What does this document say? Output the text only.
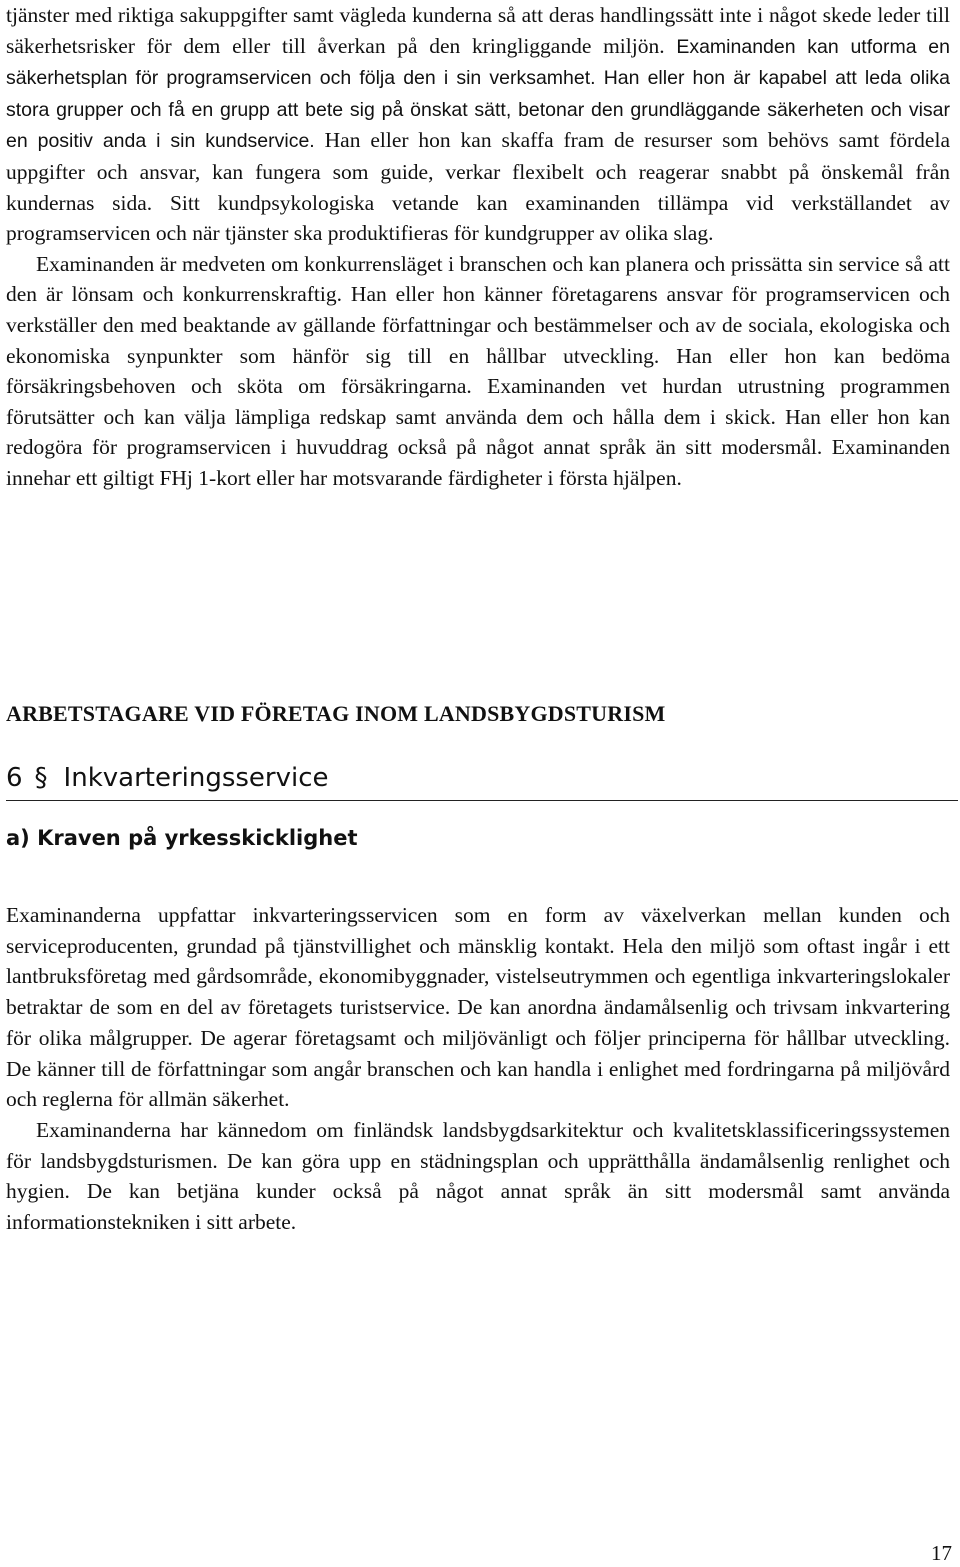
tjänster med riktiga sakuppgifter samt vägleda kunderna så att deras handlingssätt inte i något skede leder till säkerhetsrisker för dem eller till åverkan på den kringliggande miljön. Examinanden kan utforma en säkerhetsplan för programservicen och följa den i sin verksamhet. Han eller hon är kapabel att leda olika stora grupper och få en grupp att bete sig på önskat sätt, betonar den grundläggande säkerheten och visar en positiv anda i sin kundservice. Han eller hon kan skaffa fram de resurser som behövs samt fördela uppgifter och ansvar, kan fungera som guide, verkar flexibelt och reagerar snabbt på önskemål från kundernas sida. Sitt kundpsykologiska vetande kan examinanden tillämpa vid verkställandet av programservicen och när tjänster ska produktifieras för kundgrupper av olika slag.

Examinanden är medveten om konkurrensläget i branschen och kan planera och prissätta sin service så att den är lönsam och konkurrenskraftig. Han eller hon känner företagarens ansvar för programservicen och verkställer den med beaktande av gällande författningar och bestämmelser och av de sociala, ekologiska och ekonomiska synpunkter som hänför sig till en hållbar utveckling. Han eller hon kan bedöma försäkringsbehoven och sköta om försäkringarna. Examinanden vet hurdan utrustning programmen förutsätter och kan välja lämpliga redskap samt använda dem och hålla dem i skick. Han eller hon kan redogöra för programservicen i huvuddrag också på något annat språk än sitt modersmål. Examinanden innehar ett giltigt FHj 1-kort eller har motsvarande färdigheter i första hjälpen.

ARBETSTAGARE VID FÖRETAG INOM LANDSBYGDSTURISM
6 § Inkvarteringsservice
a) Kraven på yrkesskicklighet

Examinanderna uppfattar inkvarteringsservicen som en form av växelverkan mellan kunden och serviceproducenten, grundad på tjänstvillighet och mänsklig kontakt. Hela den miljö som oftast ingår i ett lantbruksföretag med gårdsområde, ekonomibyggnader, vistelseutrymmen och egentliga inkvarteringslokaler betraktar de som en del av företagets turistservice. De kan anordna ändamålsenlig och trivsam inkvartering för olika målgrupper. De agerar företagsamt och miljövänligt och följer principerna för hållbar utveckling. De känner till de författningar som angår branschen och kan handla i enlighet med fordringarna på miljövård och reglerna för allmän säkerhet.

Examinanderna har kännedom om finländsk landsbygdsarkitektur och kvalitetsklassificeringssystemen för landsbygdsturismen. De kan göra upp en städningsplan och upprätthålla ändamålsenlig renlighet och hygien. De kan betjäna kunder också på något annat språk än sitt modersmål samt använda informationstekniken i sitt arbete.

17
